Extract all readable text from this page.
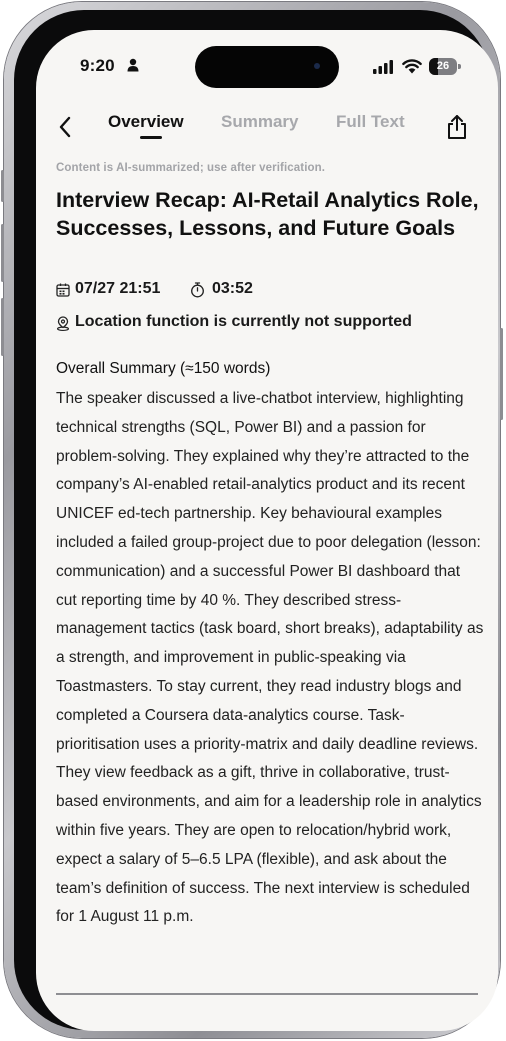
9:20	26
Overview Summary Full Text
Content is AI-summarized; use after verification.
Interview Recap: AI-Retail Analytics Role, Successes, Lessons, and Future Goals
07/27 21:51	03:52
Location function is currently not supported
Overall Summary (≈150 words)

The speaker discussed a live-chatbot interview, highlighting technical strengths (SQL, Power BI) and a passion for problem-solving. They explained why they’re attracted to the company’s AI-enabled retail-analytics product and its recent UNICEF ed-tech partnership. Key behavioural examples included a failed group-project due to poor delegation (lesson: communication) and a successful Power BI dashboard that cut reporting time by 40 %. They described stress-management tactics (task board, short breaks), adaptability as a strength, and improvement in public-speaking via Toastmasters. To stay current, they read industry blogs and completed a Coursera data-analytics course. Task-prioritisation uses a priority-matrix and daily deadline reviews. They view feedback as a gift, thrive in collaborative, trust-based environments, and aim for a leadership role in analytics within five years. They are open to relocation/hybrid work, expect a salary of 5–6.5 LPA (flexible), and ask about the team’s definition of success. The next interview is scheduled for 1 August 11 p.m.
